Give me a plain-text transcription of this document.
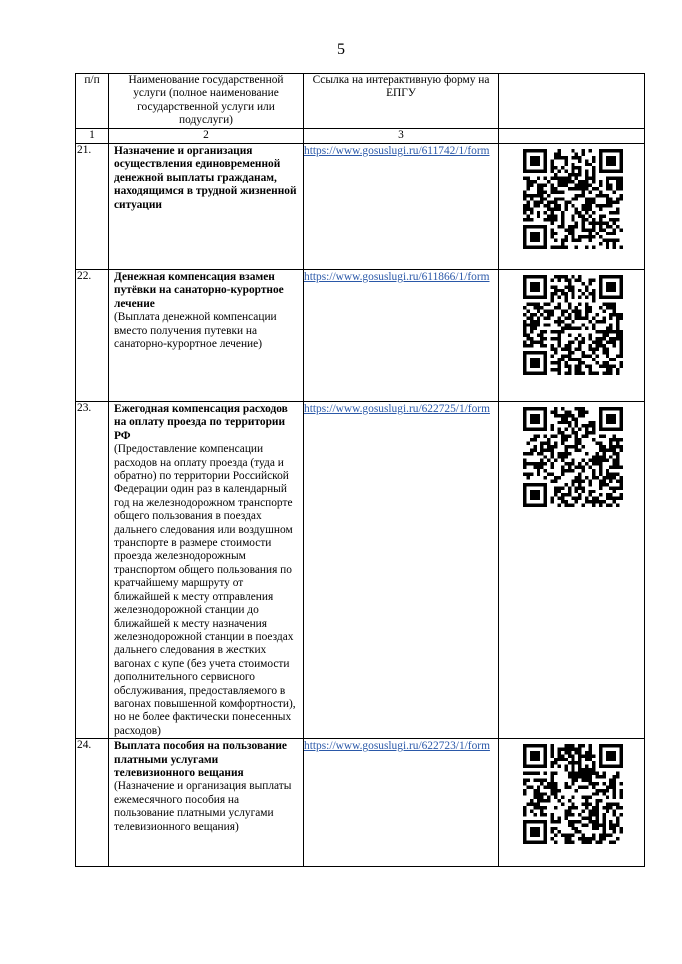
5
п/п	Наименование государственной услуги (полное наименование государственной услуги или подуслуги)	Ссылка на интерактивную форму на ЕПГУ	
1	2	3	
21.	Назначение и организация осуществления единовременной денежной выплаты гражданам, находящимся в трудной жизненной ситуации	https://www.gosuslugi.ru/611742/1/form	

22.	Денежная компенсация взамен путёвки на санаторно-курортное лечение
(Выплата денежной компенсации вместо получения путевки на санаторно-курортное лечение)	https://www.gosuslugi.ru/611866/1/form	

23.	Ежегодная компенсация расходов на оплату проезда по территории РФ
(Предоставление компенсации расходов на оплату проезда (туда и обратно) по территории Российской Федерации один раз в календарный год на железнодорожном транспорте общего пользования в поездах дальнего следования или воздушном транспорте в размере стоимости проезда железнодорожным транспортом общего пользования по кратчайшему маршруту от ближайшей к месту отправления железнодорожной станции до ближайшей к месту назначения железнодорожной станции в поездах дальнего следования в жестких вагонах с купе (без учета стоимости дополнительного сервисного обслуживания, предоставляемого в вагонах повышенной комфортности), но не более фактически понесенных расходов)	https://www.gosuslugi.ru/622725/1/form	

24.	Выплата пособия на пользование платными услугами телевизионного вещания
(Назначение и организация выплаты ежемесячного пособия на пользование платными услугами телевизионного вещания)	https://www.gosuslugi.ru/622723/1/form	
